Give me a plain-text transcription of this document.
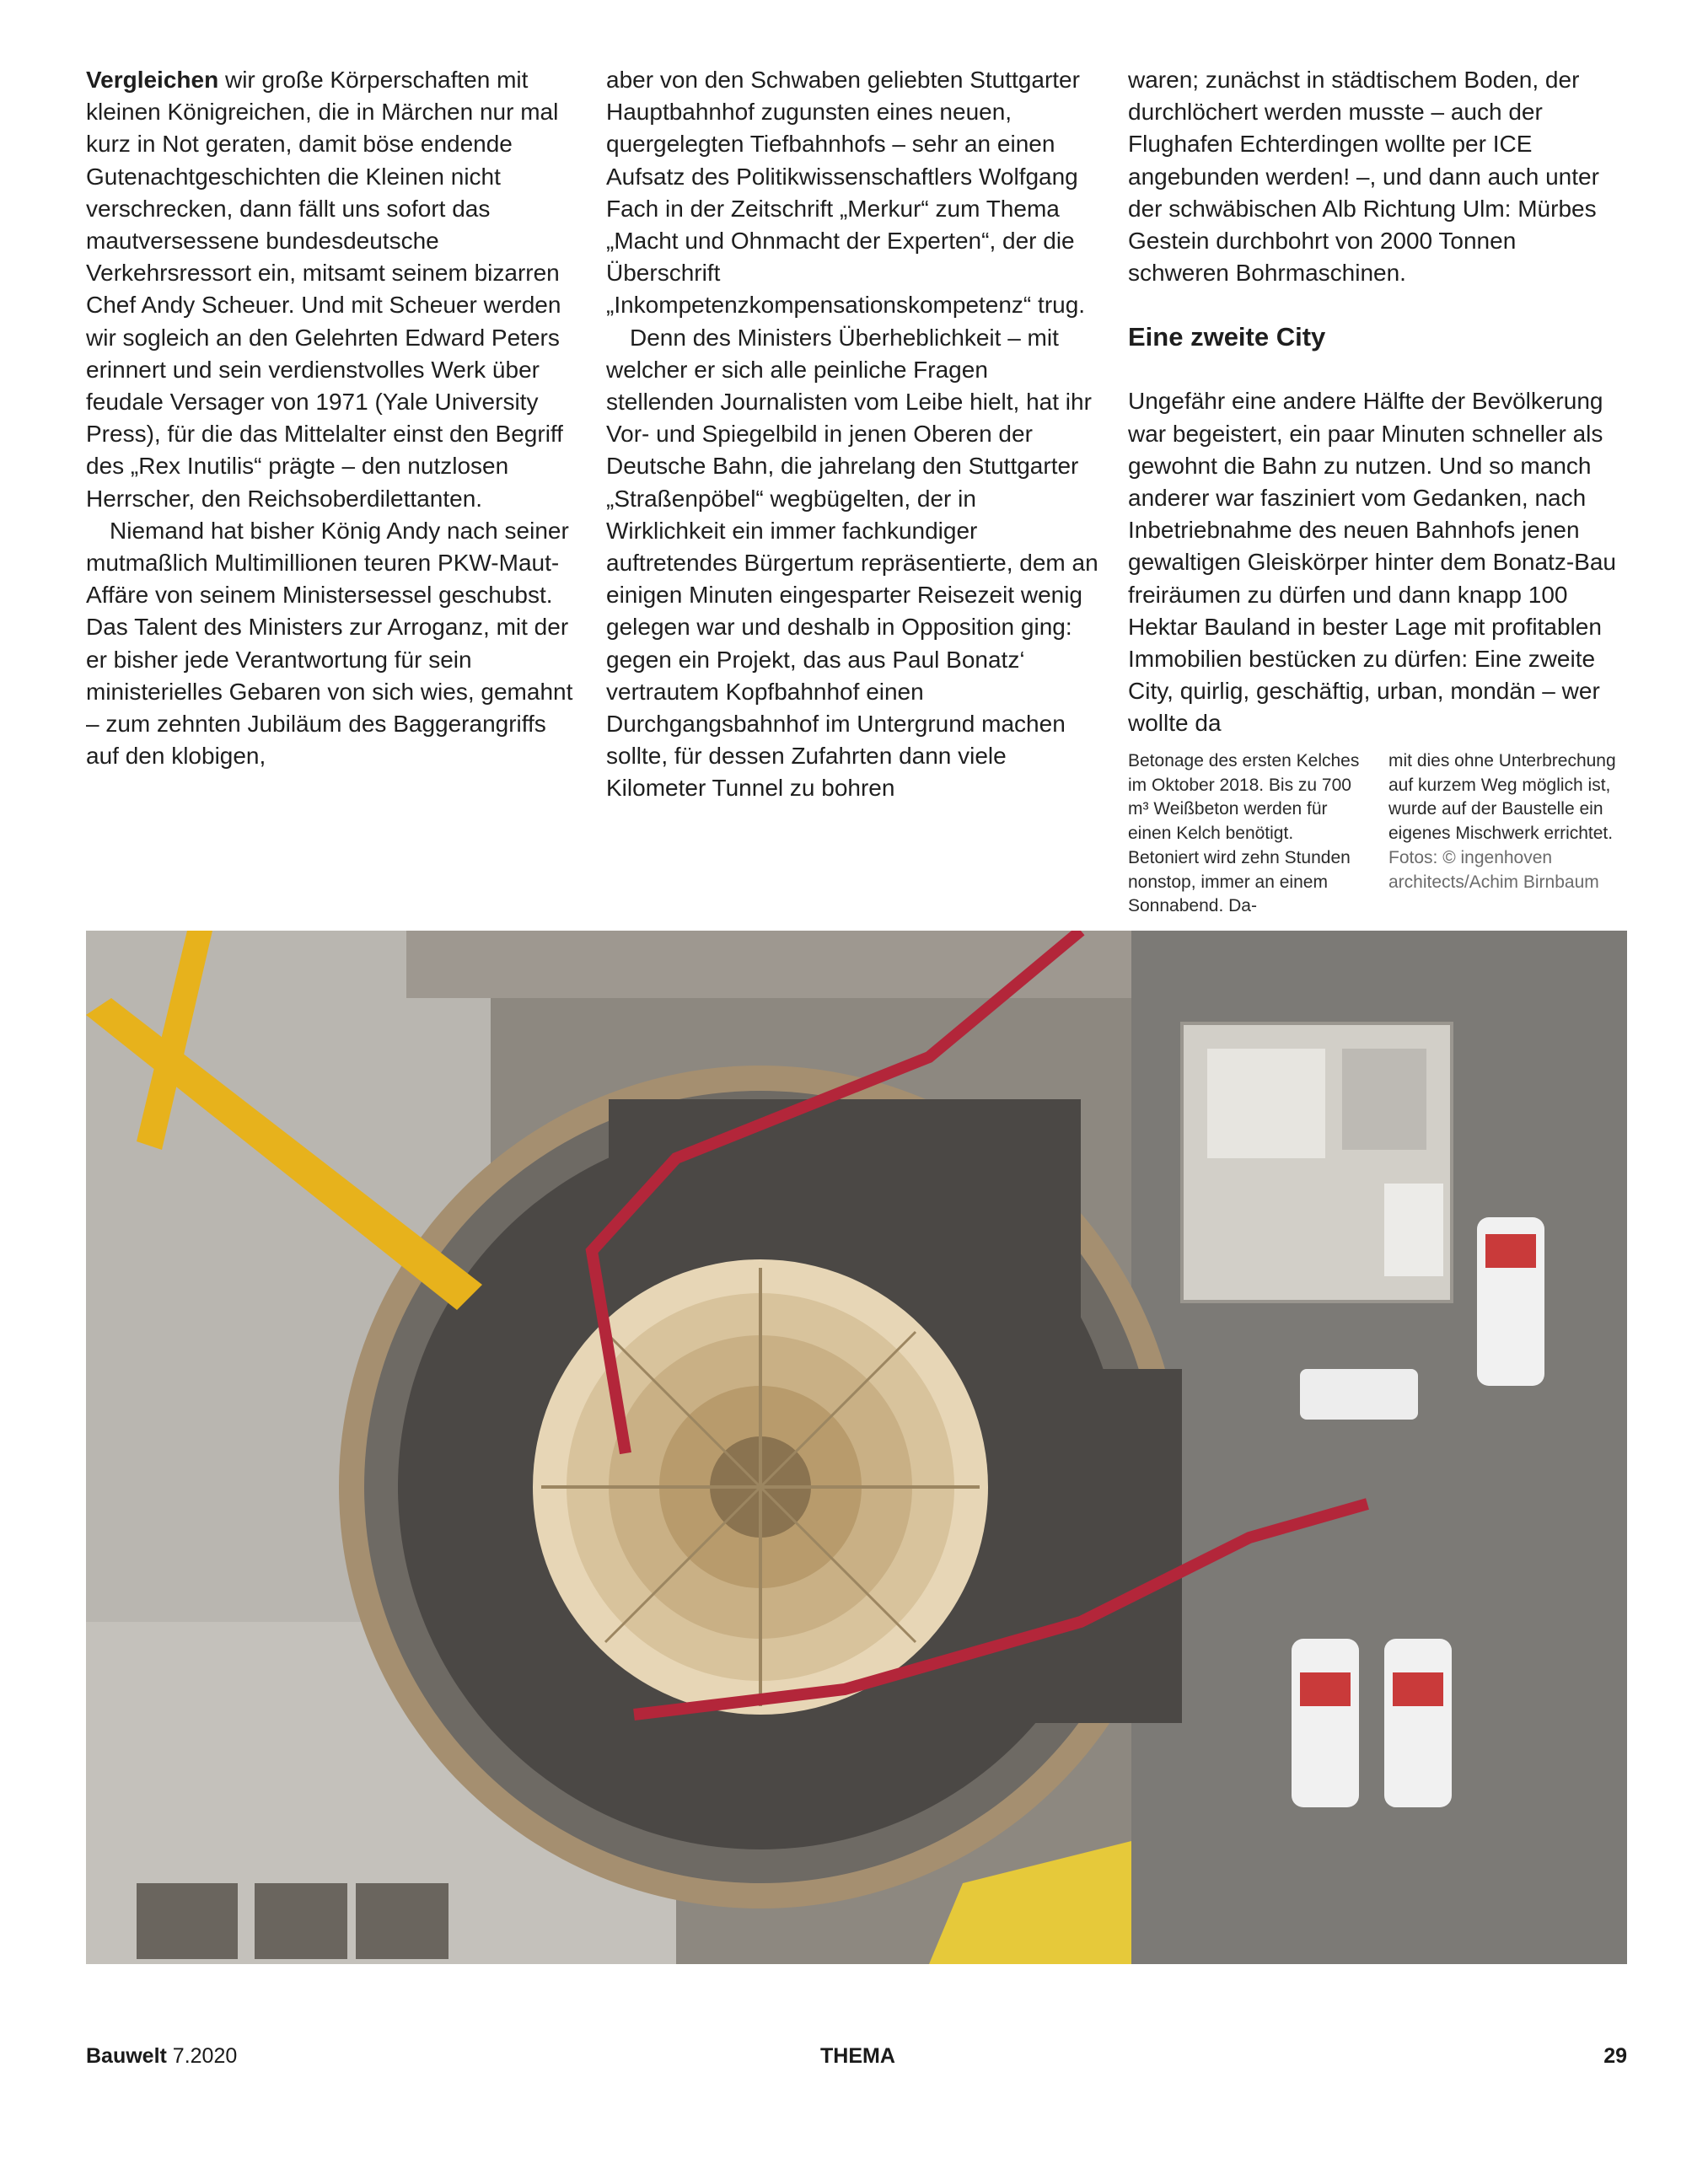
Vergleichen wir große Körperschaften mit kleinen Königreichen, die in Märchen nur mal kurz in Not geraten, damit böse endende Gutenachtgeschichten die Kleinen nicht verschrecken, dann fällt uns sofort das mautversessene bundesdeutsche Verkehrsressort ein, mitsamt seinem bizarren Chef Andy Scheuer. Und mit Scheuer werden wir sogleich an den Gelehrten Edward Peters erinnert und sein verdienstvolles Werk über feudale Versager von 1971 (Yale University Press), für die das Mittelalter einst den Begriff des „Rex Inutilis“ prägte – den nutzlosen Herrscher, den Reichsoberdilettanten.

Niemand hat bisher König Andy nach seiner mutmaßlich Multimillionen teuren PKW-Maut-Affäre von seinem Ministersessel geschubst. Das Talent des Ministers zur Arroganz, mit der er bisher jede Verantwortung für sein ministerielles Gebaren von sich wies, gemahnt – zum zehnten Jubiläum des Baggerangriffs auf den klobigen,

aber von den Schwaben geliebten Stuttgarter Hauptbahnhof zugunsten eines neuen, quergelegten Tiefbahnhofs – sehr an einen Aufsatz des Politikwissenschaftlers Wolfgang Fach in der Zeitschrift „Merkur“ zum Thema „Macht und Ohnmacht der Experten“, der die Überschrift „Inkompetenzkompensationskompetenz“ trug.

Denn des Ministers Überheblichkeit – mit welcher er sich alle peinliche Fragen stellenden Journalisten vom Leibe hielt, hat ihr Vor- und Spiegelbild in jenen Oberen der Deutsche Bahn, die jahrelang den Stuttgarter „Straßenpöbel“ wegbügelten, der in Wirklichkeit ein immer fachkundiger auftretendes Bürgertum repräsentierte, dem an einigen Minuten eingesparter Reisezeit wenig gelegen war und deshalb in Opposition ging: gegen ein Projekt, das aus Paul Bonatz‘ vertrautem Kopfbahnhof einen Durchgangsbahnhof im Untergrund machen sollte, für dessen Zufahrten dann viele Kilometer Tunnel zu bohren

waren; zunächst in städtischem Boden, der durchlöchert werden musste – auch der Flughafen Echterdingen wollte per ICE angebunden werden! –, und dann auch unter der schwäbischen Alb Richtung Ulm: Mürbes Gestein durchbohrt von 2000 Tonnen schweren Bohrmaschinen.

Eine zweite City

Ungefähr eine andere Hälfte der Bevölkerung war begeistert, ein paar Minuten schneller als gewohnt die Bahn zu nutzen. Und so manch anderer war fasziniert vom Gedanken, nach Inbetriebnahme des neuen Bahnhofs jenen gewaltigen Gleiskörper hinter dem Bonatz-Bau freiräumen zu dürfen und dann knapp 100 Hektar Bauland in bester Lage mit profitablen Immobilien bestücken zu dürfen: Eine zweite City, quirlig, geschäftig, urban, mondän – wer wollte da

Betonage des ersten Kelches im Oktober 2018. Bis zu 700 m³ Weißbeton werden für einen Kelch benötigt. Betoniert wird zehn Stunden nonstop, immer an einem Sonnabend. Da-
mit dies ohne Unterbrechung auf kurzem Weg möglich ist, wurde auf der Baustelle ein eigenes Mischwerk errichtet. Fotos: © ingenhoven architects/Achim Birnbaum
Bauwelt 7.2020	THEMA	29
